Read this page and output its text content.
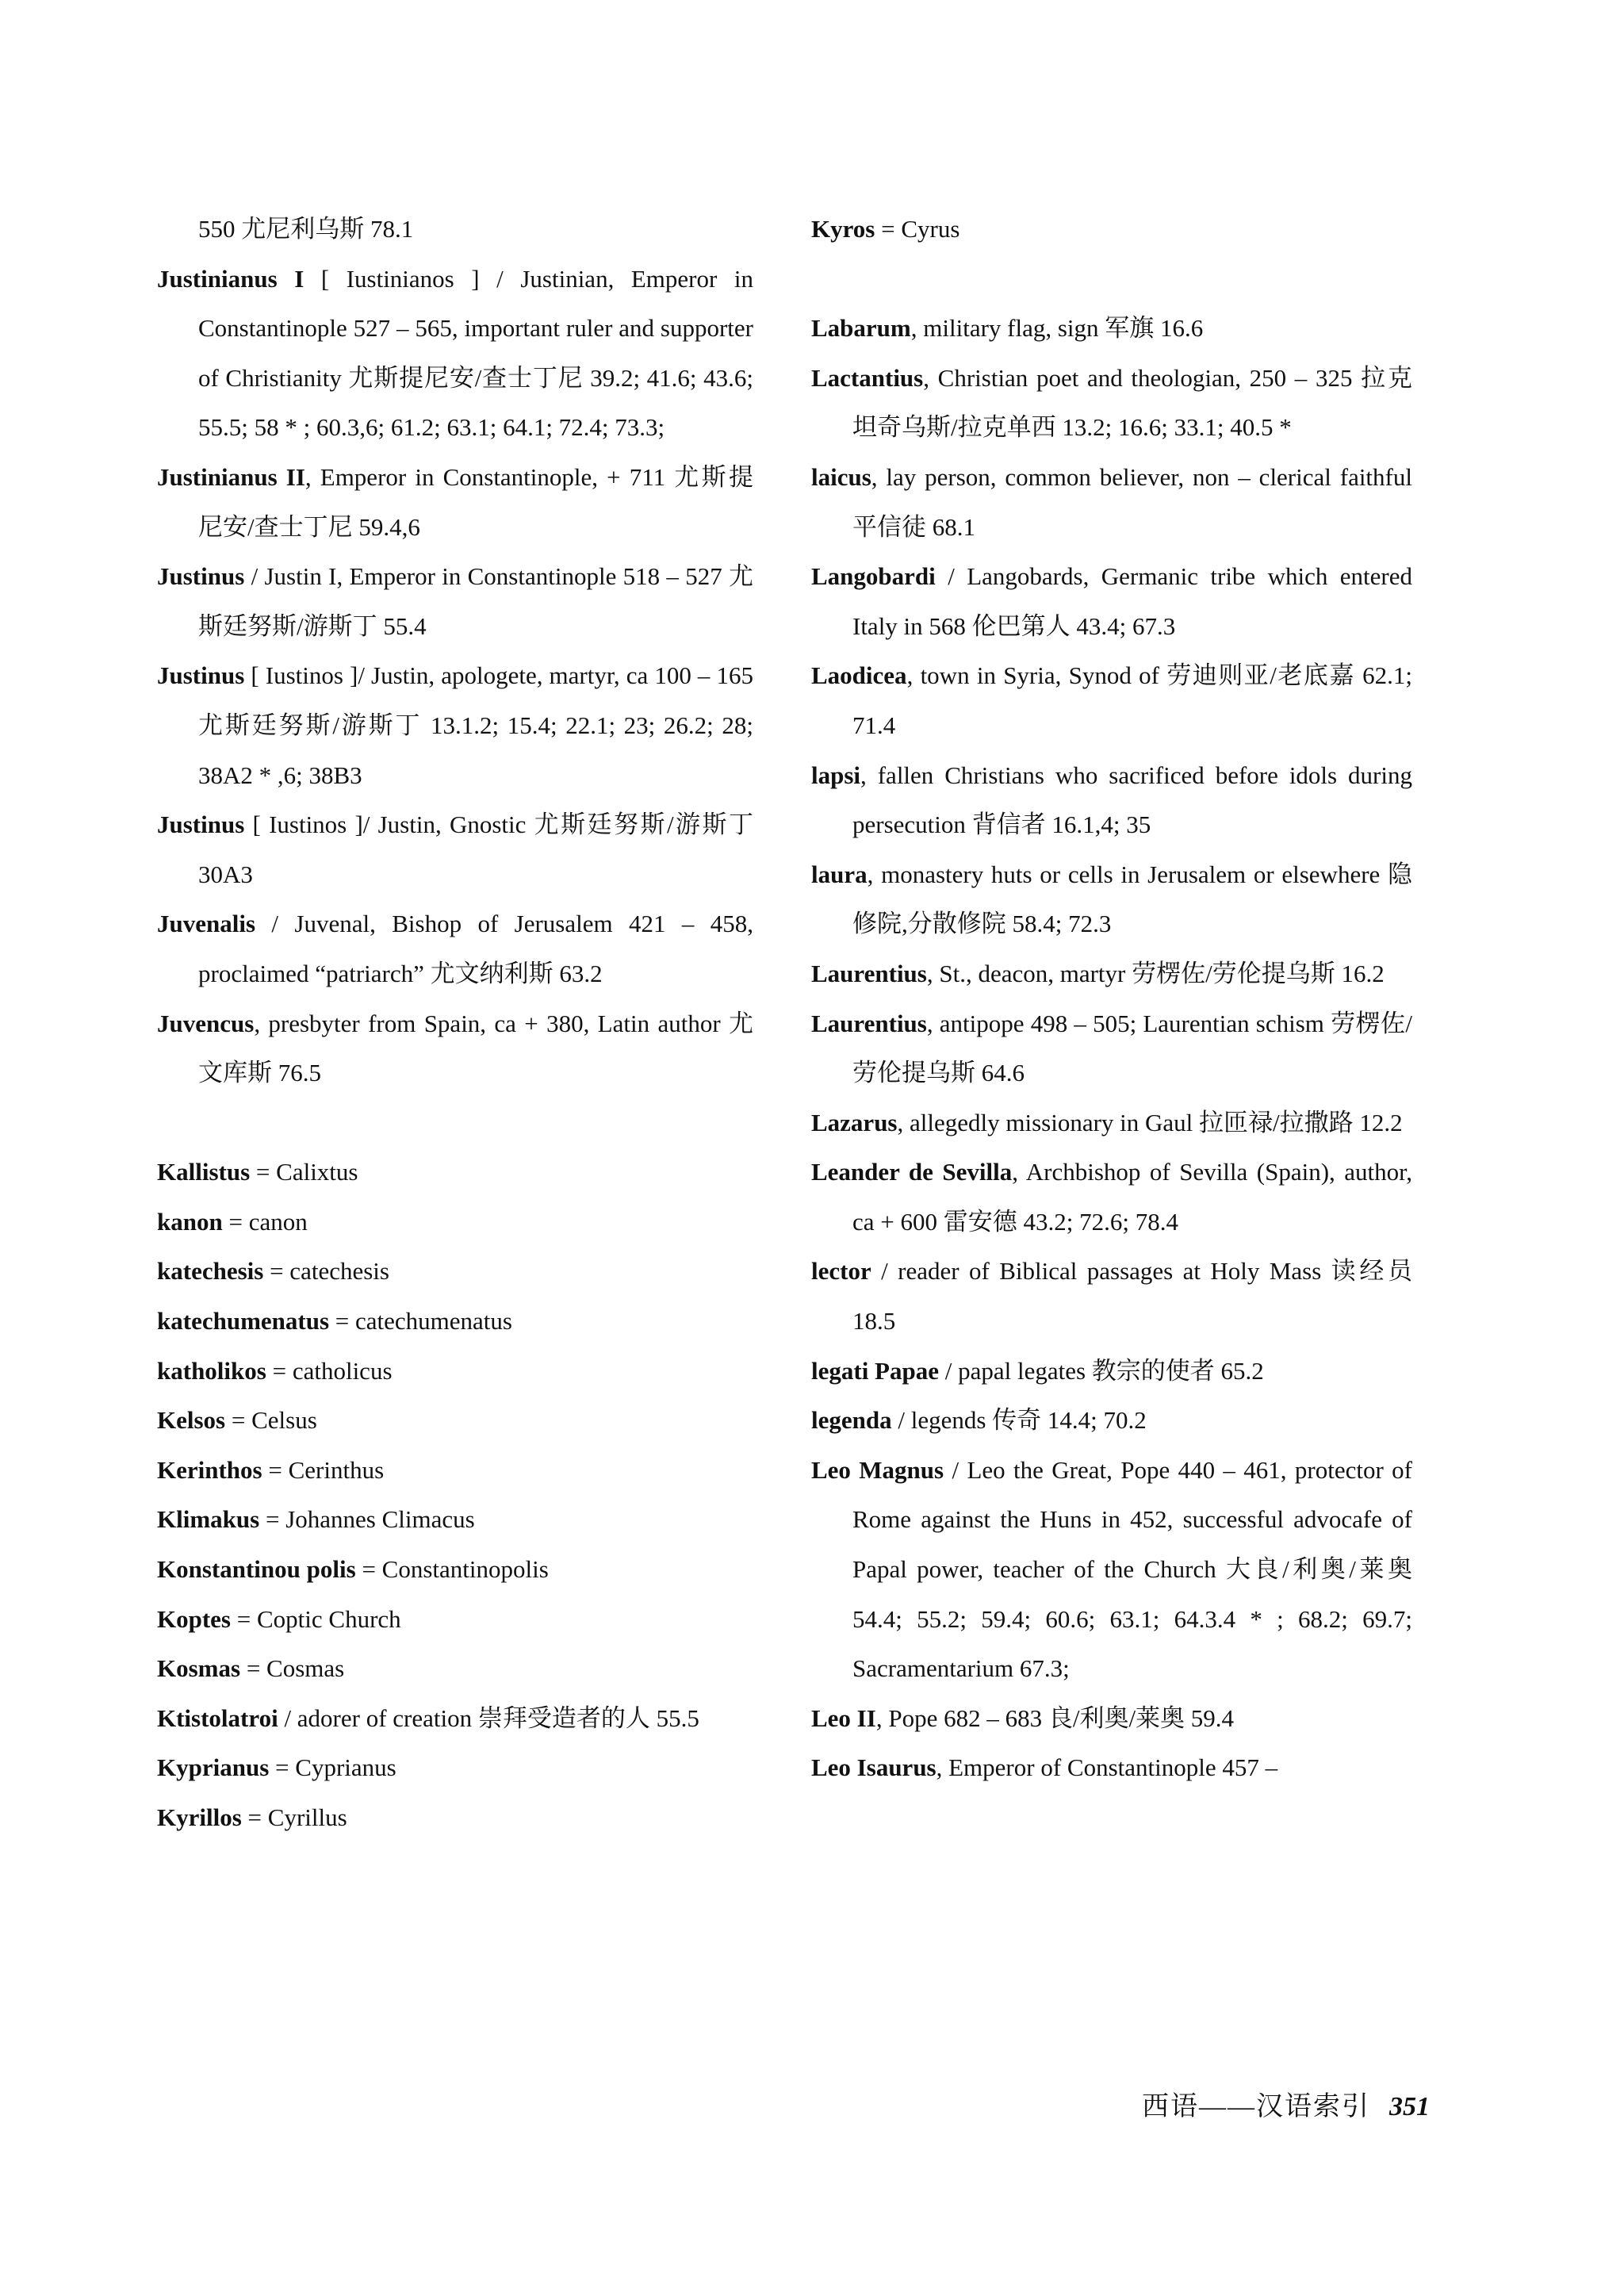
550 尤尼利乌斯 78.1
Justinianus I [ Iustinianos ] / Justinian, Emperor in Constantinople 527 – 565, important ruler and supporter of Christianity 尤斯提尼安/查士丁尼 39.2; 41.6; 43.6; 55.5; 58 * ; 60.3,6; 61.2; 63.1; 64.1; 72.4; 73.3;
Justinianus II, Emperor in Constantinople, + 711 尤斯提尼安/查士丁尼 59.4,6
Justinus / Justin I, Emperor in Constantinople 518 – 527 尤斯廷努斯/游斯丁 55.4
Justinus [ Iustinos ]/ Justin, apologete, martyr, ca 100 – 165 尤斯廷努斯/游斯丁 13.1.2; 15.4; 22.1; 23; 26.2; 28; 38A2 * ,6; 38B3
Justinus [ Iustinos ]/ Justin, Gnostic 尤斯廷努斯/游斯丁 30A3
Juvenalis / Juvenal, Bishop of Jerusalem 421 – 458, proclaimed “patriarch” 尤文纳利斯 63.2
Juvencus, presbyter from Spain, ca + 380, Latin author 尤文库斯 76.5
Kallistus = Calixtus
kanon = canon
katechesis = catechesis
katechumenatus = catechumenatus
katholikos = catholicus
Kelsos = Celsus
Kerinthos = Cerinthus
Klimakus = Johannes Climacus
Konstantinou polis = Constantinopolis
Koptes = Coptic Church
Kosmas = Cosmas
Ktistolatroi / adorer of creation 崇拜受造者的人 55.5
Kyprianus = Cyprianus
Kyrillos = Cyrillus
Kyros = Cyrus
Labarum, military flag, sign 军旗 16.6
Lactantius, Christian poet and theologian, 250 – 325 拉克坦奇乌斯/拉克单西 13.2; 16.6; 33.1; 40.5 *
laicus, lay person, common believer, non – clerical faithful 平信徒 68.1
Langobardi / Langobards, Germanic tribe which entered Italy in 568 伦巴第人 43.4; 67.3
Laodicea, town in Syria, Synod of 劳迪则亚/老底嘉 62.1; 71.4
lapsi, fallen Christians who sacrificed before idols during persecution 背信者 16.1,4; 35
laura, monastery huts or cells in Jerusalem or elsewhere 隐修院,分散修院 58.4; 72.3
Laurentius, St., deacon, martyr 劳楞佐/劳伦提乌斯 16.2
Laurentius, antipope 498 – 505; Laurentian schism 劳楞佐/劳伦提乌斯 64.6
Lazarus, allegedly missionary in Gaul 拉匝禄/拉撒路 12.2
Leander de Sevilla, Archbishop of Sevilla (Spain), author, ca + 600 雷安德 43.2; 72.6; 78.4
lector / reader of Biblical passages at Holy Mass 读经员 18.5
legati Papae / papal legates 教宗的使者 65.2
legenda / legends 传奇 14.4; 70.2
Leo Magnus / Leo the Great, Pope 440 – 461, protector of Rome against the Huns in 452, successful advocafe of Papal power, teacher of the Church 大良/利奥/莱奥 54.4; 55.2; 59.4; 60.6; 63.1; 64.3.4 * ; 68.2; 69.7; Sacramentarium 67.3;
Leo II, Pope 682 – 683 良/利奥/莱奥 59.4
Leo Isaurus, Emperor of Constantinople 457 –
西语——汉语索引 351
